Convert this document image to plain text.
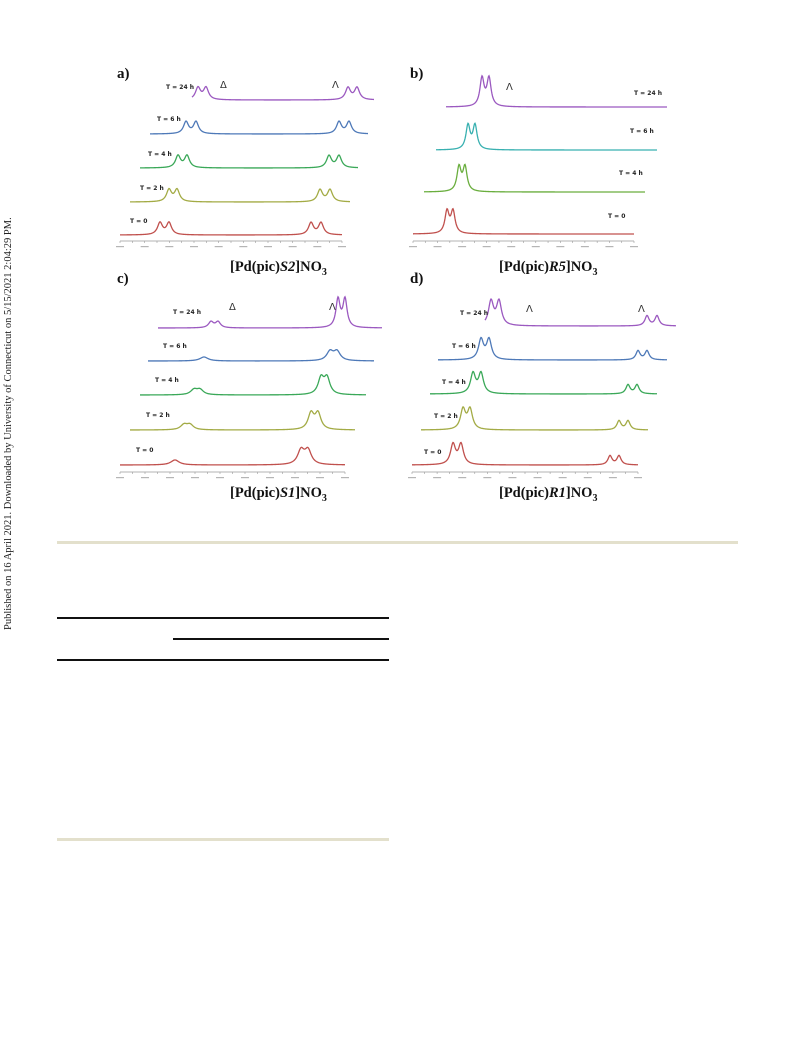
Published on 16 April 2021. Downloaded by University of Connecticut on 5/15/2021 2:04:29 PM.
a)
T = 24 h
T = 6 h
T = 4 h
T = 2 h
T = 0
Δ	Λ
$[Pd(pic)S2]NO_3$
b)
T = 24 h
T = 6 h
T = 4 h
T = 0
Λ
$[Pd(pic)R5]NO_3$
c)
T = 24 h
T = 6 h
T = 4 h
T = 2 h
T = 0
Δ	Λ
$[Pd(pic)S1]NO_3$
d)
T = 24 h
T = 6 h
T = 4 h
T = 2 h
T = 0
Λ	Λ
$[Pd(pic)R1]NO_3$
